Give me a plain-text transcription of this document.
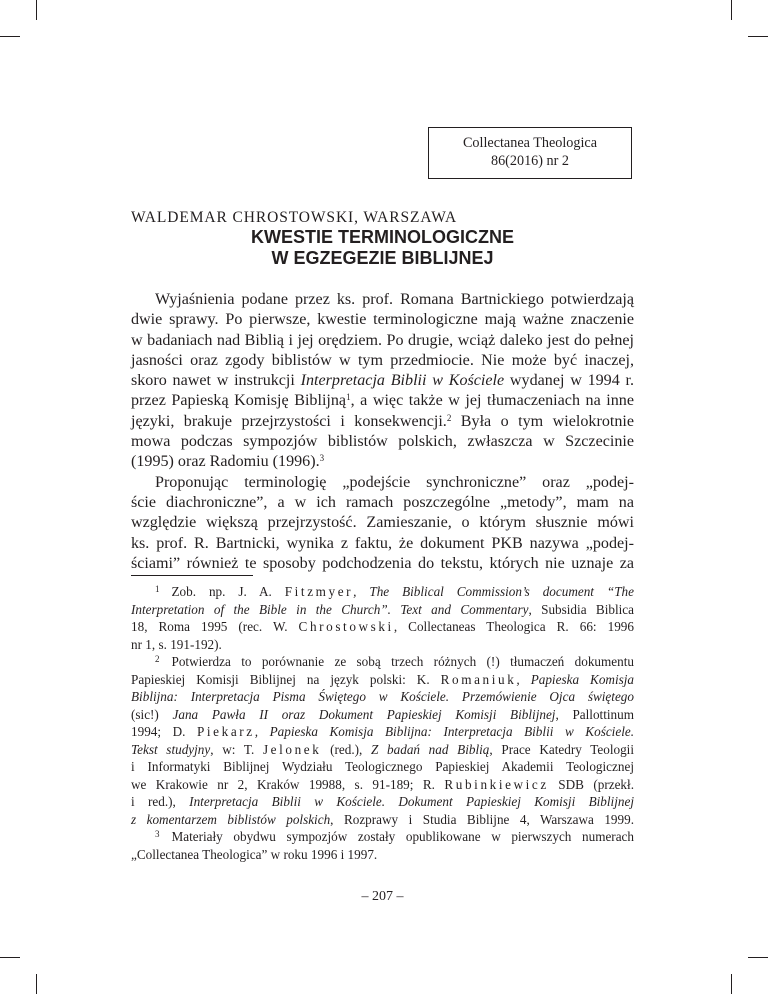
Collectanea Theologica
86(2016) nr 2
WALDEMAR CHROSTOWSKI, WARSZAWA
KWESTIE TERMINOLOGICZNE
W EGZEGEZIE BIBLIJNEJ
Wyjaśnienia podane przez ks. prof. Romana Bartnickiego potwierdzają
dwie sprawy. Po pierwsze, kwestie terminologiczne mają ważne znaczenie
w badaniach nad Biblią i jej orędziem. Po drugie, wciąż daleko jest do pełnej
jasności oraz zgody biblistów w tym przedmiocie. Nie może być inaczej,
skoro nawet w instrukcji Interpretacja Biblii w Kościele wydanej w 1994 r.
przez Papieską Komisję Biblijną$^1$, a więc także w jej tłumaczeniach na inne
języki, brakuje przejrzystości i konsekwencji.$^2$ Była o tym wielokrotnie
mowa podczas sympozjów biblistów polskich, zwłaszcza w Szczecinie
(1995) oraz Radomiu (1996).$^3$
Proponując terminologię „podejście synchroniczne” oraz „podej-
ście diachroniczne”, a w ich ramach poszczególne „metody”, mam na
względzie większą przejrzystość. Zamieszanie, o którym słusznie mówi
ks. prof. R. Bartnicki, wynika z faktu, że dokument PKB nazywa „podej-
ściami” również te sposoby podchodzenia do tekstu, których nie uznaje za
$^1$ Zob. np. J. A. Fitzmyer, The Biblical Commission’s document “The
Interpretation of the Bible in the Church”. Text and Commentary, Subsidia Biblica
18, Roma 1995 (rec. W. Chrostowski, Collectaneas Theologica R. 66: 1996
nr 1, s. 191-192).
$^2$ Potwierdza to porównanie ze sobą trzech różnych (!) tłumaczeń dokumentu
Papieskiej Komisji Biblijnej na język polski: K. Romaniuk, Papieska Komisja
Biblijna: Interpretacja Pisma Świętego w Kościele. Przemówienie Ojca świętego
(sic!) Jana Pawła II oraz Dokument Papieskiej Komisji Biblijnej, Pallottinum
1994; D. Piekarz, Papieska Komisja Biblijna: Interpretacja Biblii w Kościele.
Tekst studyjny, w: T. Jelonek (red.), Z badań nad Biblią, Prace Katedry Teologii
i Informatyki Biblijnej Wydziału Teologicznego Papieskiej Akademii Teologicznej
we Krakowie nr 2, Kraków 19988, s. 91-189; R. Rubinkiewicz SDB (przekł.
i red.), Interpretacja Biblii w Kościele. Dokument Papieskiej Komisji Biblijnej
z komentarzem biblistów polskich, Rozprawy i Studia Biblijne 4, Warszawa 1999.
$^3$ Materiały obydwu sympozjów zostały opublikowane w pierwszych numerach
„Collectanea Theologica” w roku 1996 i 1997.
– 207 –
